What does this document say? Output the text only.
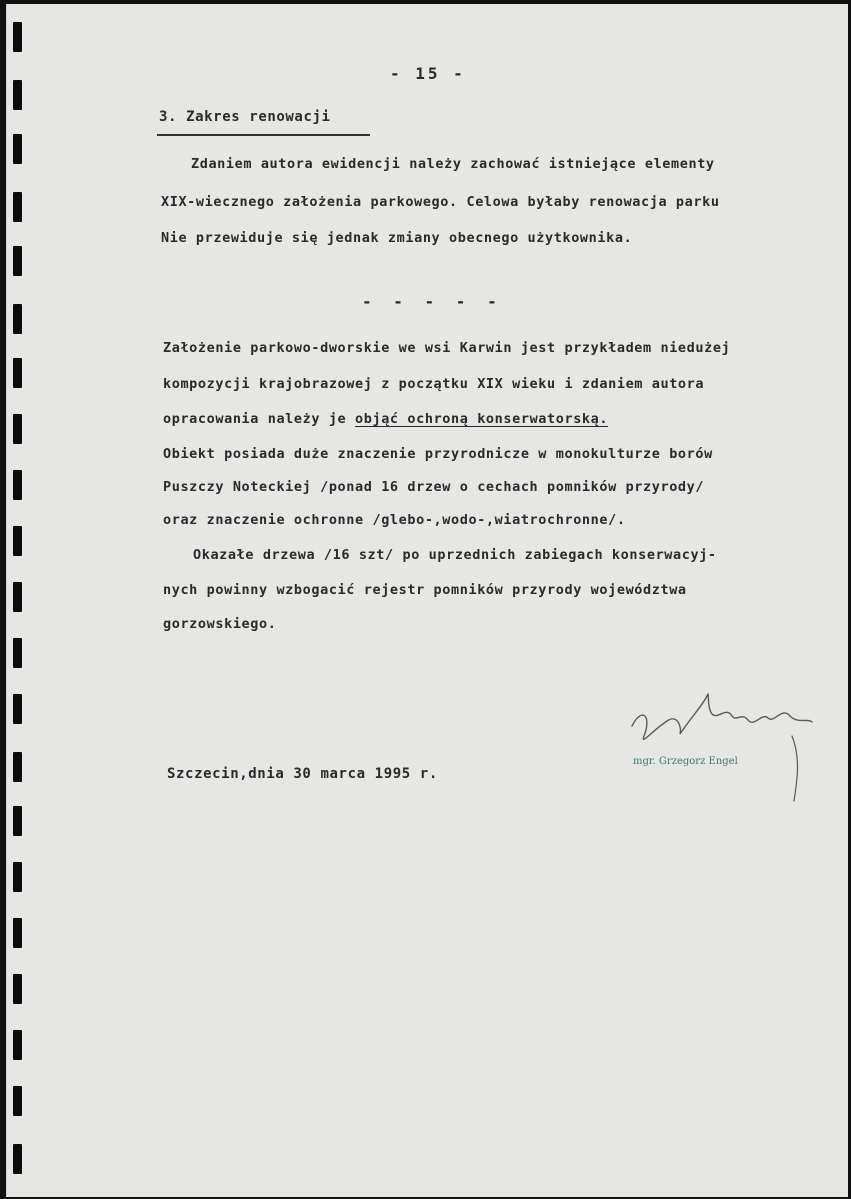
- 15 -
3. Zakres renowacji
Zdaniem autora ewidencji należy zachować istniejące elementy
XIX-wiecznego założenia parkowego. Celowa byłaby renowacja parku
Nie przewiduje się jednak zmiany obecnego użytkownika.
- - - - -
Założenie parkowo-dworskie we wsi Karwin jest przykładem niedużej
kompozycji krajobrazowej z początku XIX wieku i zdaniem autora
opracowania należy je objąć ochroną konserwatorską.
Obiekt posiada duże znaczenie przyrodnicze w monokulturze borów
Puszczy Noteckiej /ponad 16 drzew o cechach pomników przyrody/
oraz znaczenie ochronne /glebo-,wodo-,wiatrochronne/.
Okazałe drzewa /16 szt/ po uprzednich zabiegach konserwacyj-
nych powinny wzbogacić rejestr pomników przyrody województwa
gorzowskiego.
Szczecin,dnia 30 marca 1995 r.
mgr. Grzegorz Engel
